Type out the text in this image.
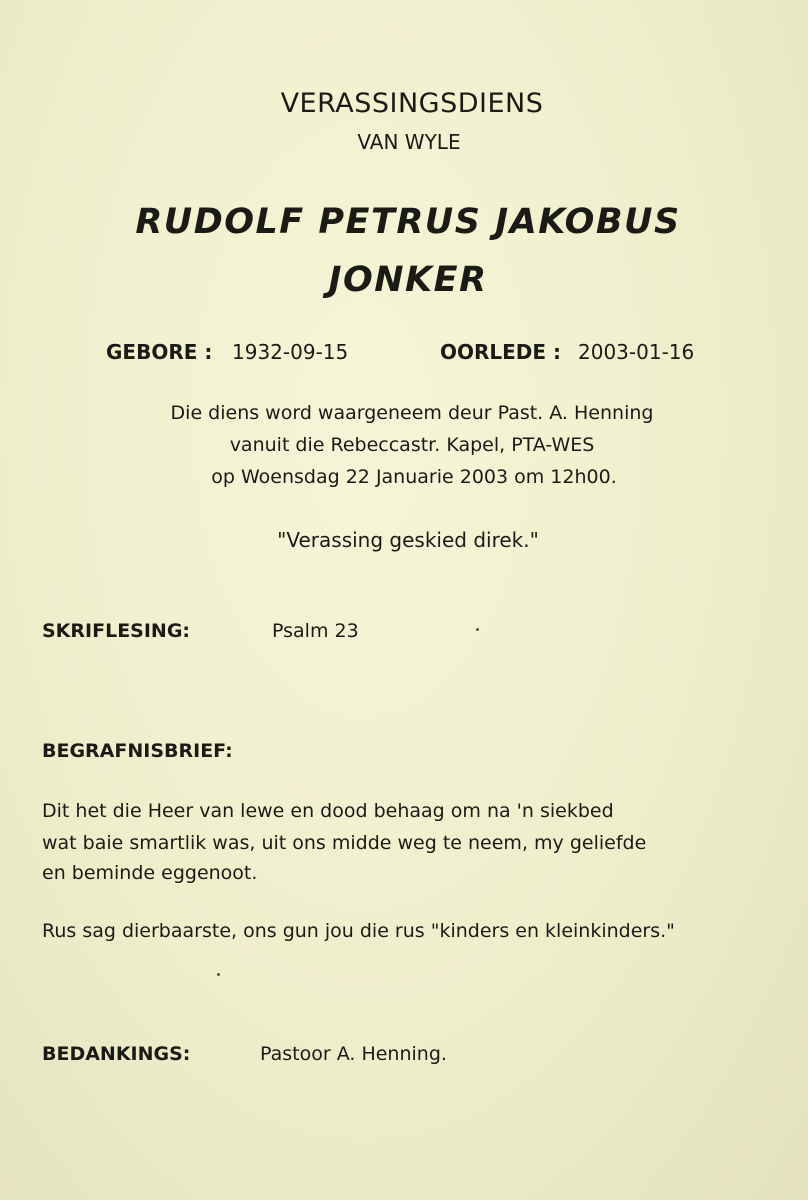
VERASSINGSDIENS
VAN WYLE
RUDOLF PETRUS JAKOBUS
JONKER
GEBORE : 1932-09-15	OORLEDE : 2003-01-16
Die diens word waargeneem deur Past. A. Henning
vanuit die Rebeccastr. Kapel, PTA-WES
op Woensdag 22 Januarie 2003 om 12h00.
"Verassing geskied direk."
SKRIFLESING:	Psalm 23
BEGRAFNISBRIEF:
Dit het die Heer van lewe en dood behaag om na 'n siekbed
wat baie smartlik was, uit ons midde weg te neem, my geliefde
en beminde eggenoot.
Rus sag dierbaarste, ons gun jou die rus "kinders en kleinkinders."
BEDANKINGS:	Pastoor A. Henning.
